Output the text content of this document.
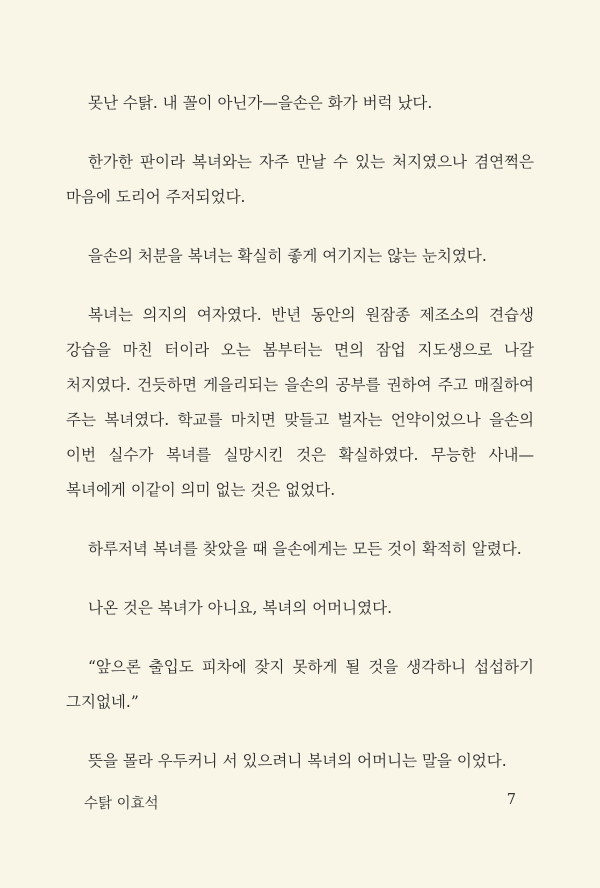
못난 수탉. 내 꼴이 아닌가—을손은 화가 버럭 났다.

한가한 판이라 복녀와는 자주 만날 수 있는 처지였으나 겸연쩍은 마음에 도리어 주저되었다.

을손의 처분을 복녀는 확실히 좋게 여기지는 않는 눈치였다.

복녀는 의지의 여자였다. 반년 동안의 원잠종 제조소의 견습생 강습을 마친 터이라 오는 봄부터는 면의 잠업 지도생으로 나갈 처지였다. 건듯하면 게을리되는 을손의 공부를 권하여 주고 매질하여 주는 복녀였다. 학교를 마치면 맞들고 벌자는 언약이었으나 을손의 이번 실수가 복녀를 실망시킨 것은 확실하였다. 무능한 사내—복녀에게 이같이 의미 없는 것은 없었다.

하루저녁 복녀를 찾았을 때 을손에게는 모든 것이 확적히 알렸다.

나온 것은 복녀가 아니요, 복녀의 어머니였다.

“앞으론 출입도 피차에 잦지 못하게 될 것을 생각하니 섭섭하기 그지없네.”

뜻을 몰라 우두커니 서 있으려니 복녀의 어머니는 말을 이었다.

수탉 이효석	7
